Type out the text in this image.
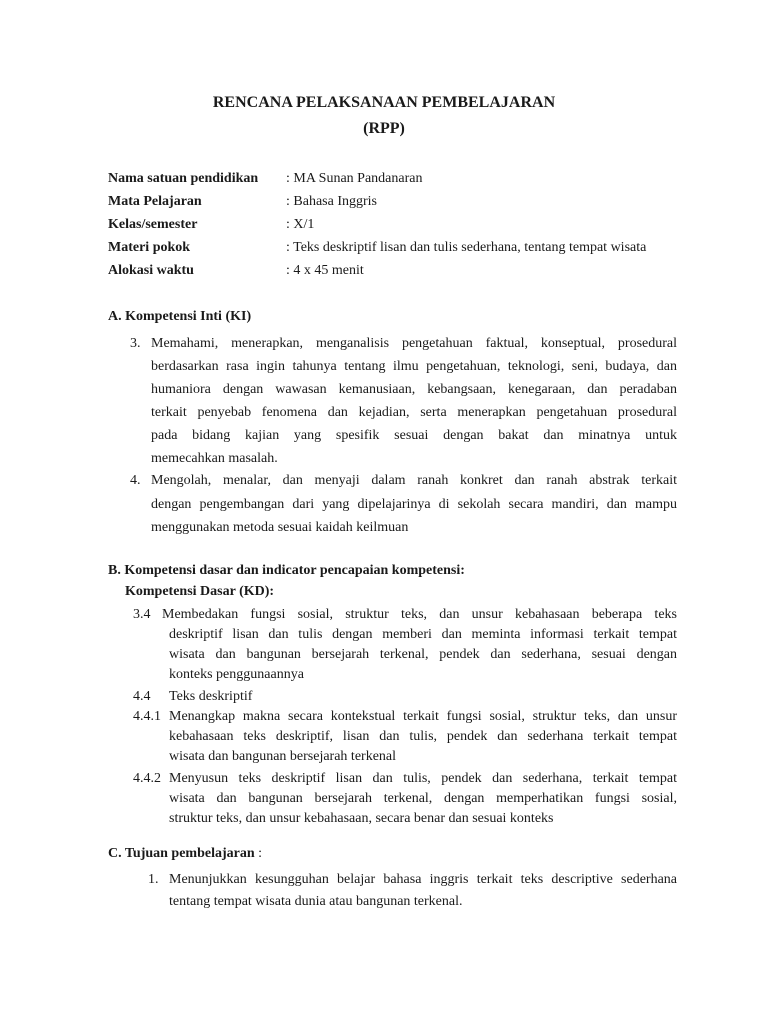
RENCANA PELAKSANAAN PEMBELAJARAN
(RPP)
Nama satuan pendidikan : MA Sunan Pandanaran
Mata Pelajaran	: Bahasa Inggris
Kelas/semester	: X/1
Materi pokok	: Teks deskriptif lisan dan tulis sederhana, tentang tempat wisata
Alokasi waktu	: 4 x 45 menit
A. Kompetensi Inti (KI)
3. Memahami, menerapkan, menganalisis pengetahuan faktual, konseptual, prosedural
berdasarkan rasa ingin tahunya tentang ilmu pengetahuan, teknologi, seni, budaya, dan
humaniora dengan wawasan kemanusiaan, kebangsaan, kenegaraan, dan peradaban
terkait penyebab fenomena dan kejadian, serta menerapkan pengetahuan prosedural
pada bidang kajian yang spesifik sesuai dengan bakat dan minatnya untuk
memecahkan masalah.
4. Mengolah, menalar, dan menyaji dalam ranah konkret dan ranah abstrak terkait
dengan pengembangan dari yang dipelajarinya di sekolah secara mandiri, dan mampu
menggunakan metoda sesuai kaidah keilmuan
B. Kompetensi dasar dan indicator pencapaian kompetensi:
Kompetensi Dasar (KD):
3.4 Membedakan fungsi sosial, struktur teks, dan unsur kebahasaan beberapa teks
deskriptif lisan dan tulis dengan memberi dan meminta informasi terkait tempat
wisata dan bangunan bersejarah terkenal, pendek dan sederhana, sesuai dengan
konteks penggunaannya
4.4 Teks deskriptif
4.4.1 Menangkap makna secara kontekstual terkait fungsi sosial, struktur teks, dan unsur
kebahasaan teks deskriptif, lisan dan tulis, pendek dan sederhana terkait tempat
wisata dan bangunan bersejarah terkenal
4.4.2 Menyusun teks deskriptif lisan dan tulis, pendek dan sederhana, terkait tempat
wisata dan bangunan bersejarah terkenal, dengan memperhatikan fungsi sosial,
struktur teks, dan unsur kebahasaan, secara benar dan sesuai konteks
C. Tujuan pembelajaran :
1. Menunjukkan kesungguhan belajar bahasa inggris terkait teks descriptive sederhana
tentang tempat wisata dunia atau bangunan terkenal.
